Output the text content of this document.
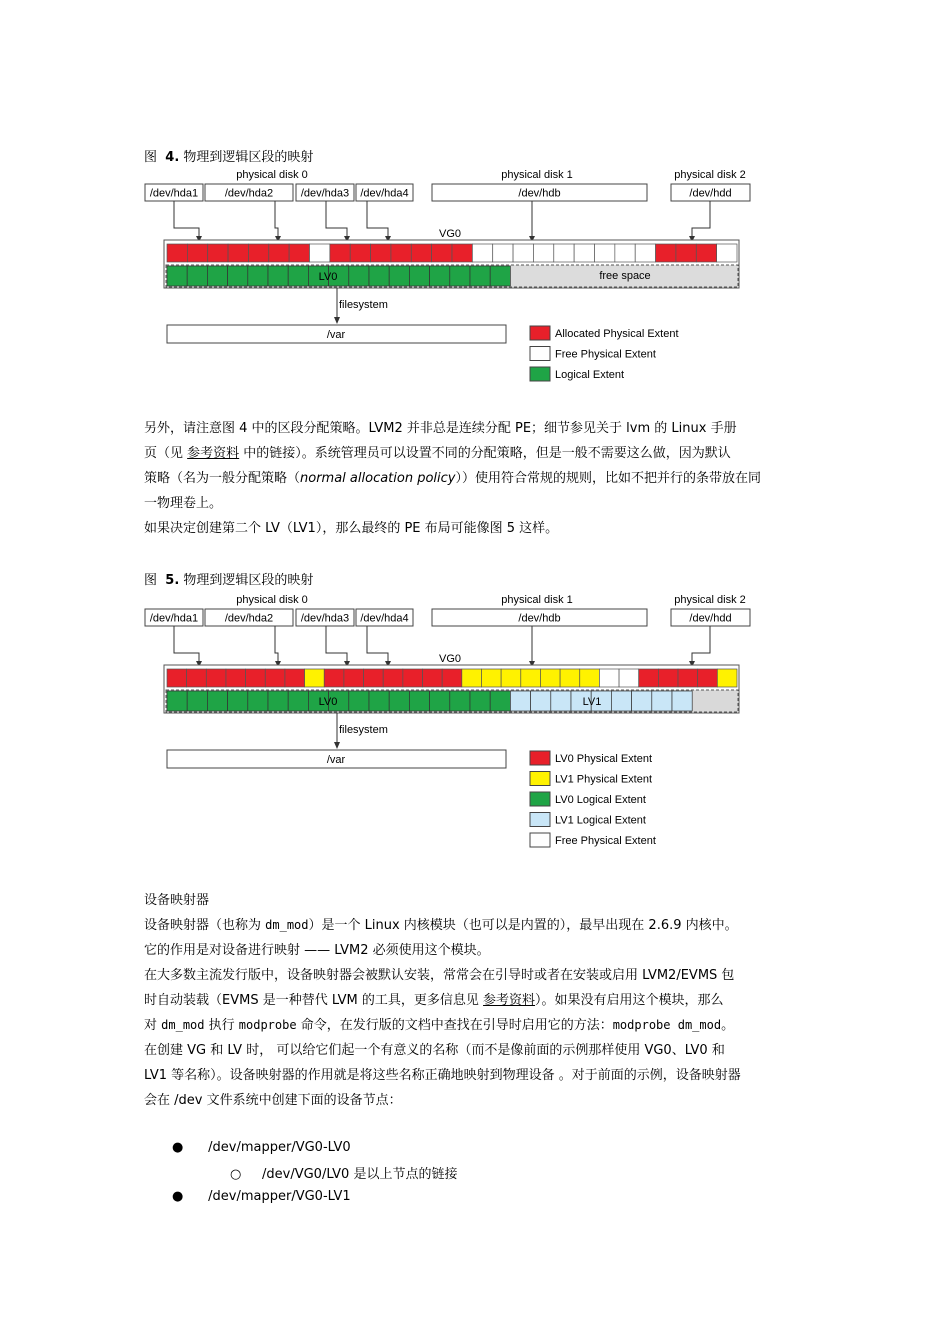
图 4. 物理到逻辑区段的映射
physical disk 0	physical disk 1	physical disk 2
/dev/hda1 /dev/hda2	/dev/hda3 /dev/hda4	/dev/hdb	/dev/hdd
VG0
LV0	free space
filesystem
/var	Allocated Physical Extent
Free Physical Extent
Logical Extent

另外，请注意图 4 中的区段分配策略。LVM2 并非总是连续分配 PE；细节参见关于 lvm 的 Linux 手册

页（见 参考资料 中的链接）。系统管理员可以设置不同的分配策略，但是一般不需要这么做，因为默认

策略（名为一般分配策略（normal allocation policy））使用符合常规的规则，比如不把并行的条带放在同

一物理卷上。

如果决定创建第二个 LV（LV1），那么最终的 PE 布局可能像图 5 这样。

图 5. 物理到逻辑区段的映射
physical disk 0	physical disk 1	physical disk 2
/dev/hda1 /dev/hda2	/dev/hda3 /dev/hda4	/dev/hdb	/dev/hdd
VG0
LV0	LV1
filesystem
/var	LV0 Physical Extent
LV1 Physical Extent
LV0 Logical Extent
LV1 Logical Extent
Free Physical Extent

设备映射器

设备映射器（也称为 dm_mod）是一个 Linux 内核模块（也可以是内置的），最早出现在 2.6.9 内核中。

它的作用是对设备进行映射 —— LVM2 必须使用这个模块。

在大多数主流发行版中，设备映射器会被默认安装，常常会在引导时或者在安装或启用 LVM2/EVMS 包

时自动装载（EVMS 是一种替代 LVM 的工具，更多信息见 参考资料）。如果没有启用这个模块，那么

对 dm_mod 执行 modprobe 命令，在发行版的文档中查找在引导时启用它的方法：modprobe dm_mod。

在创建 VG 和 LV 时， 可以给它们起一个有意义的名称（而不是像前面的示例那样使用 VG0、LV0 和

LV1 等名称）。设备映射器的作用就是将这些名称正确地映射到物理设备 。对于前面的示例，设备映射器

会在 /dev 文件系统中创建下面的设备节点：

● /dev/mapper/VG0-LV0
○ /dev/VG0/LV0 是以上节点的链接
● /dev/mapper/VG0-LV1
